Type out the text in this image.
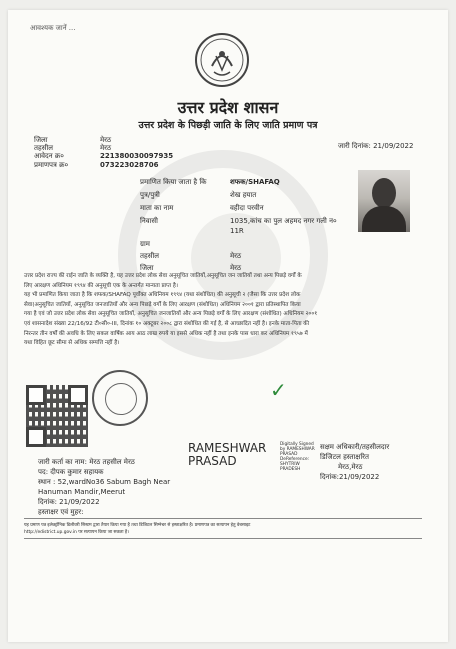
आवश्यक जानें ...
उत्तर प्रदेश शासन
उत्तर प्रदेश के पिछड़ी जाति के लिए जाति प्रमाण पत्र
जिला	मेरठ
तहसील	मेरठ
आवेदन क्र०	221380030097935
प्रमाणपत्र क्र०	073223028706
जारी दिनांक: 21/09/2022
प्रमाणित किया जाता है कि	शफक/SHAFAQ
पुत्र/पुत्री	शेख हयात
माता का नाम	वहीदा परवीन
निवासी	1035,कांच का पुल अहमद नगर गली न०
11R
ग्राम
तहसील	मेरठ
जिला	मेरठ
उत्तर प्रदेश राज्य की राईन जाति के व्यक्ति है, यह उत्तर प्रदेश लोक सेवा अनुसूचित जातियों,अनुसूचित जन जातियों तथा अन्य पिछड़े वर्गों के
लिए आरक्षण अधिनियम १९९४ की अनुसूची एक के अन्तर्गत मान्यता प्राप्त है।
यह भी प्रमाणित किया जाता है कि शफक/SHAFAQ पूर्वोक्त अधिनियम १९९४ (यथा संशोधित) की अनुसूची २ (जैसा कि उत्तर प्रदेश लोक
सेवा(अनुसूचित जातियों, अनुसूचित जनजातियों और अन्य पिछड़े वर्गों के लिए आरक्षण (संशोधित) अधिनियम २००१ द्वारा प्रतिस्थापित किया
गया है एवं जो उत्तर प्रदेश लोक सेवा अनुसूचित जातियों, अनुसूचित जनजातियों और अन्य पिछड़े वर्गों के लिए आरक्षण (संशोधित) अधिनियम २००१
एवं शासनादेश संख्या 22/16/92 टी०सी०-III, दिनांक १० अक्टूबर २००८ द्वारा संशोधित की गई है, से आच्छादित नहीं है। इनके माता-पिता की
निरन्तर तीन वर्षों की अवधि के लिए सकल वार्षिक आय आठ लाख रुपये या इससे अधिक नहीं है तथा इनके पास धारा कर अधिनियम १९५७ में
यथा विहित छूट सीमा से अधिक सम्पत्ति नहीं है।
जारी कर्ता का नाम: मेरठ तहसील मेरठ
पद: दीपक कुमार सहायक
स्थान : 52,wardNo36 Sabum Bagh Near
Hanuman Mandir,Meerut
दिनांक: 21/09/2022
हस्ताक्षर एवं मुहर:
RAMESHWAR
PRASAD
Digitally Signed
by RAMESHWAR
PRASAD
DeReference:
SHYTRIW
PRADESH
✓
सक्षम अधिकारी/तहसीलदार
डिजिटल हस्ताक्षरित
मेरठ,मेरठ
दिनांक:21/09/2022
यह प्रमाण पत्र इलेक्ट्रॉनिक डिलीवरी सिस्टम द्वारा तैयार किया गया है तथा डिजिटल सिग्नेचर से हस्ताक्षरित है। प्रमाणपत्र का सत्यापन हेतु वेबसाइट
http://edistrict.up.gov.in पर सत्यापन किया जा सकता है।
